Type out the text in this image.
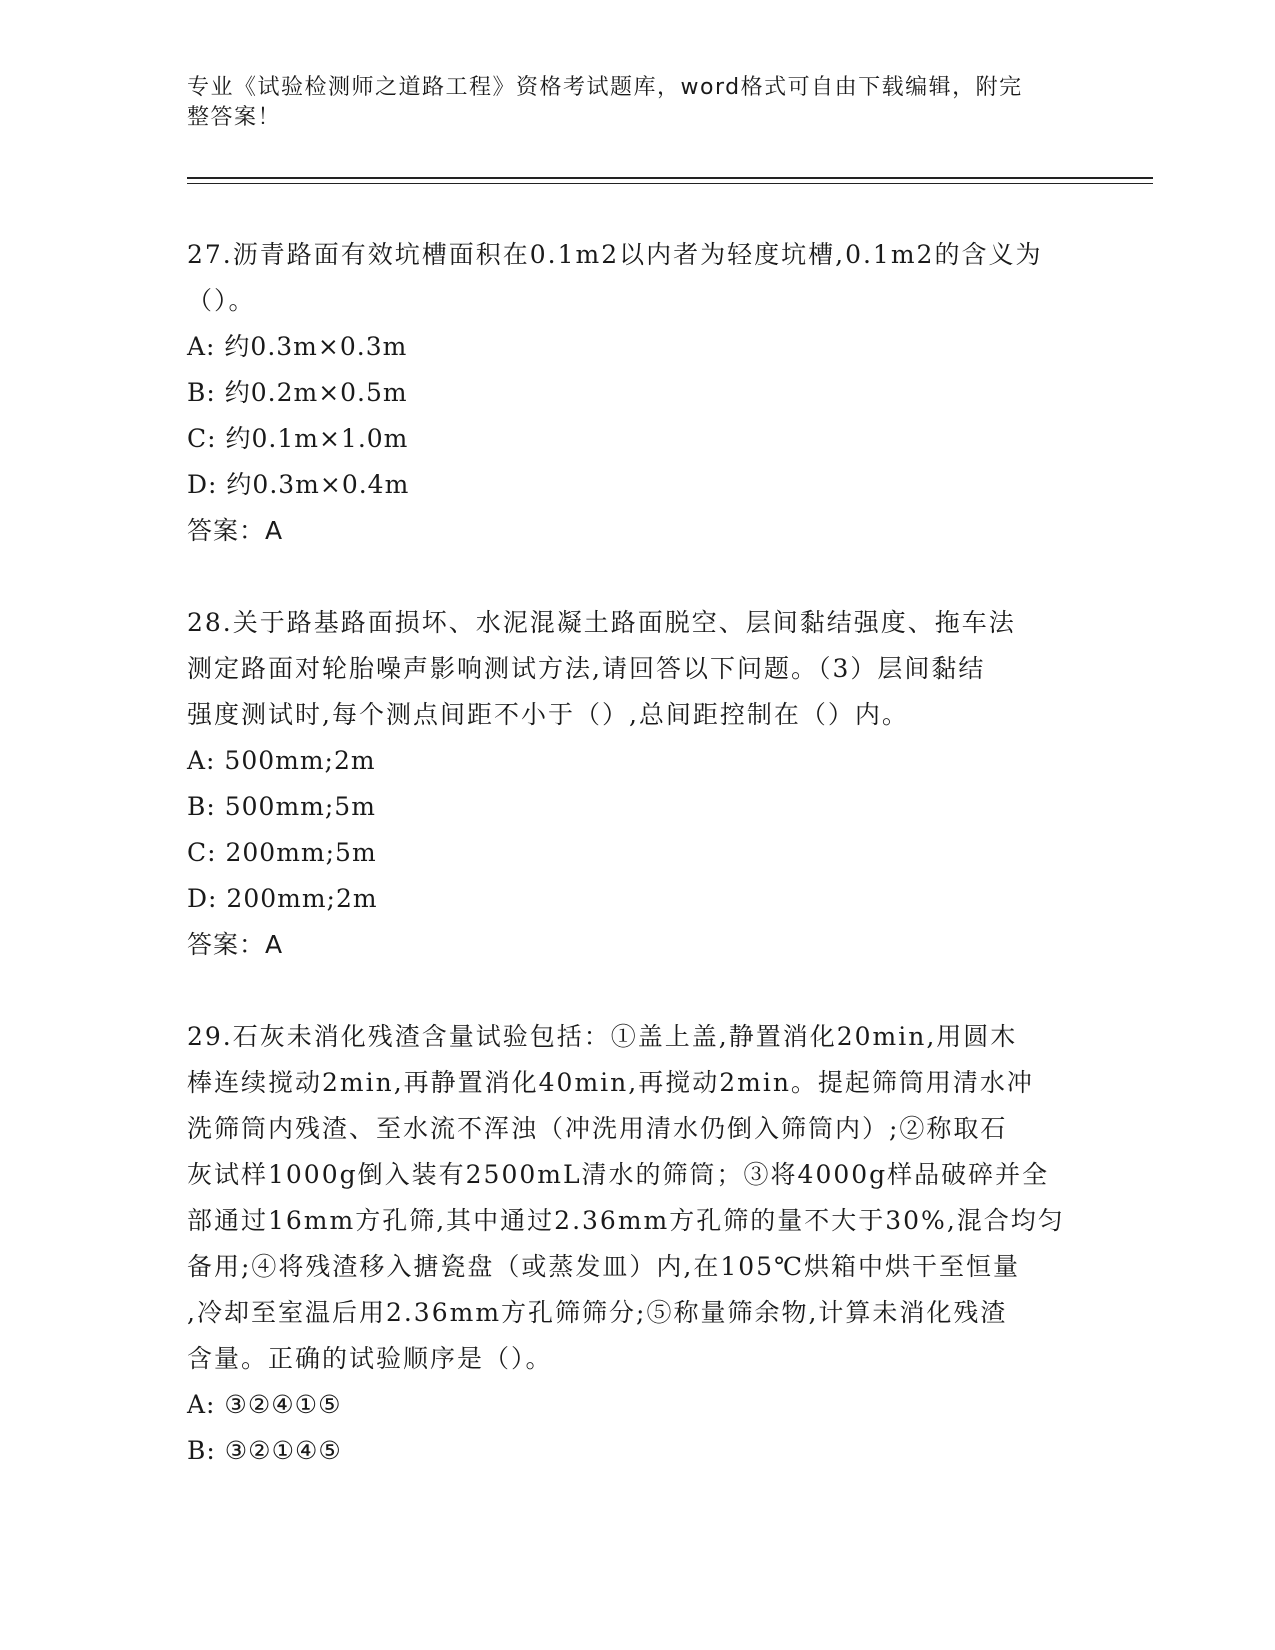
专业《试验检测师之道路工程》资格考试题库，word格式可自由下载编辑，附完
整答案！

27.沥青路面有效坑槽面积在0.1m2以内者为轻度坑槽,0.1m2的含义为

（）。

A: 约0.3m×0.3m

B: 约0.2m×0.5m

C: 约0.1m×1.0m

D: 约0.3m×0.4m

答案：A

28.关于路基路面损坏、水泥混凝土路面脱空、层间黏结强度、拖车法

测定路面对轮胎噪声影响测试方法,请回答以下问题。（3）层间黏结

强度测试时,每个测点间距不小于（）,总间距控制在（）内。

A: 500mm;2m

B: 500mm;5m

C: 200mm;5m

D: 200mm;2m

答案：A

29.石灰未消化残渣含量试验包括：①盖上盖,静置消化20min,用圆木

棒连续搅动2min,再静置消化40min,再搅动2min。提起筛筒用清水冲

洗筛筒内残渣、至水流不浑浊（冲洗用清水仍倒入筛筒内）;②称取石

灰试样1000g倒入装有2500mL清水的筛筒；③将4000g样品破碎并全

部通过16mm方孔筛,其中通过2.36mm方孔筛的量不大于30%,混合均匀

备用;④将残渣移入搪瓷盘（或蒸发皿）内,在105℃烘箱中烘干至恒量

,冷却至室温后用2.36mm方孔筛筛分;⑤称量筛余物,计算未消化残渣

含量。正确的试验顺序是（）。

A: ③②④①⑤

B: ③②①④⑤
